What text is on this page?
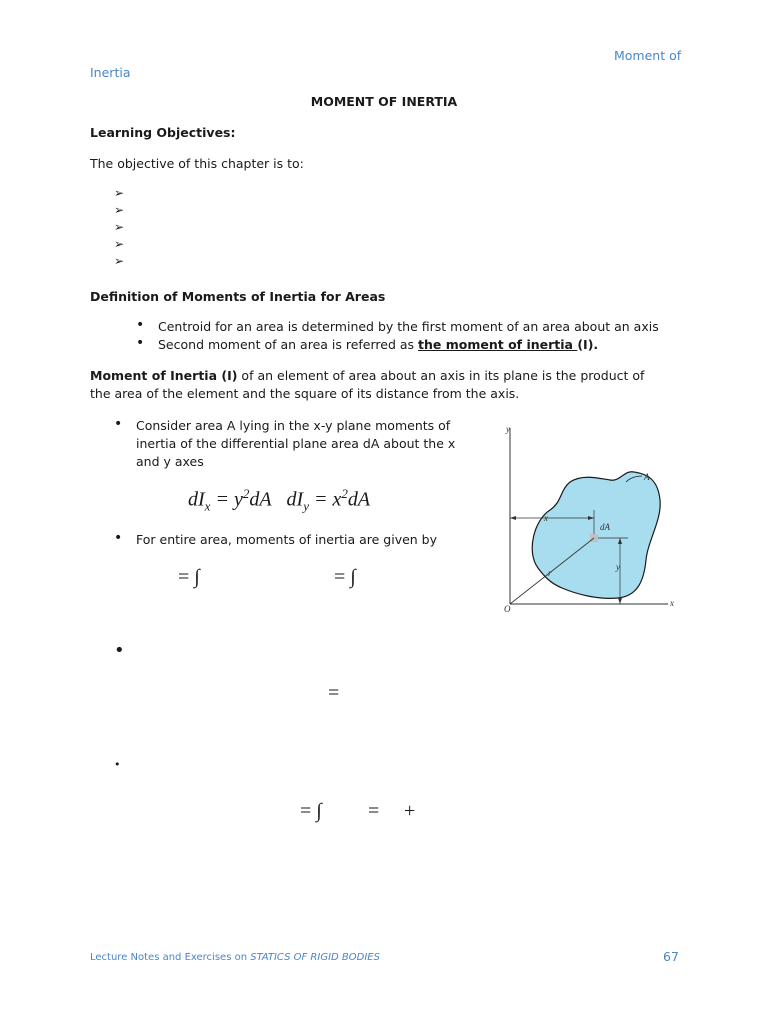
Moment of
Inertia
MOMENT OF INERTIA
Learning Objectives:
The objective of this chapter is to:
➢
➢
➢
➢
➢
Definition of Moments of Inertia for Areas
• Centroid for an area is determined by the first moment of an area about an axis
• Second moment of an area is referred as the moment of inertia (I).
Moment of Inertia (I) of an element of area about an axis in its plane is the product of
the area of the element and the square of its distance from the axis.
• Consider area A lying in the x-y plane moments of
inertia of the differential plane area dA about the x
and y axes
$dI_x = y^2dA$   $dI_y = x^2dA$
• For entire area, moments of inertia are given by
= ∫	= ∫
•
=
•
= ∫ = +
y
x
O
A
dA
x
y
r
Lecture Notes and Exercises on STATICS OF RIGID BODIES	67
